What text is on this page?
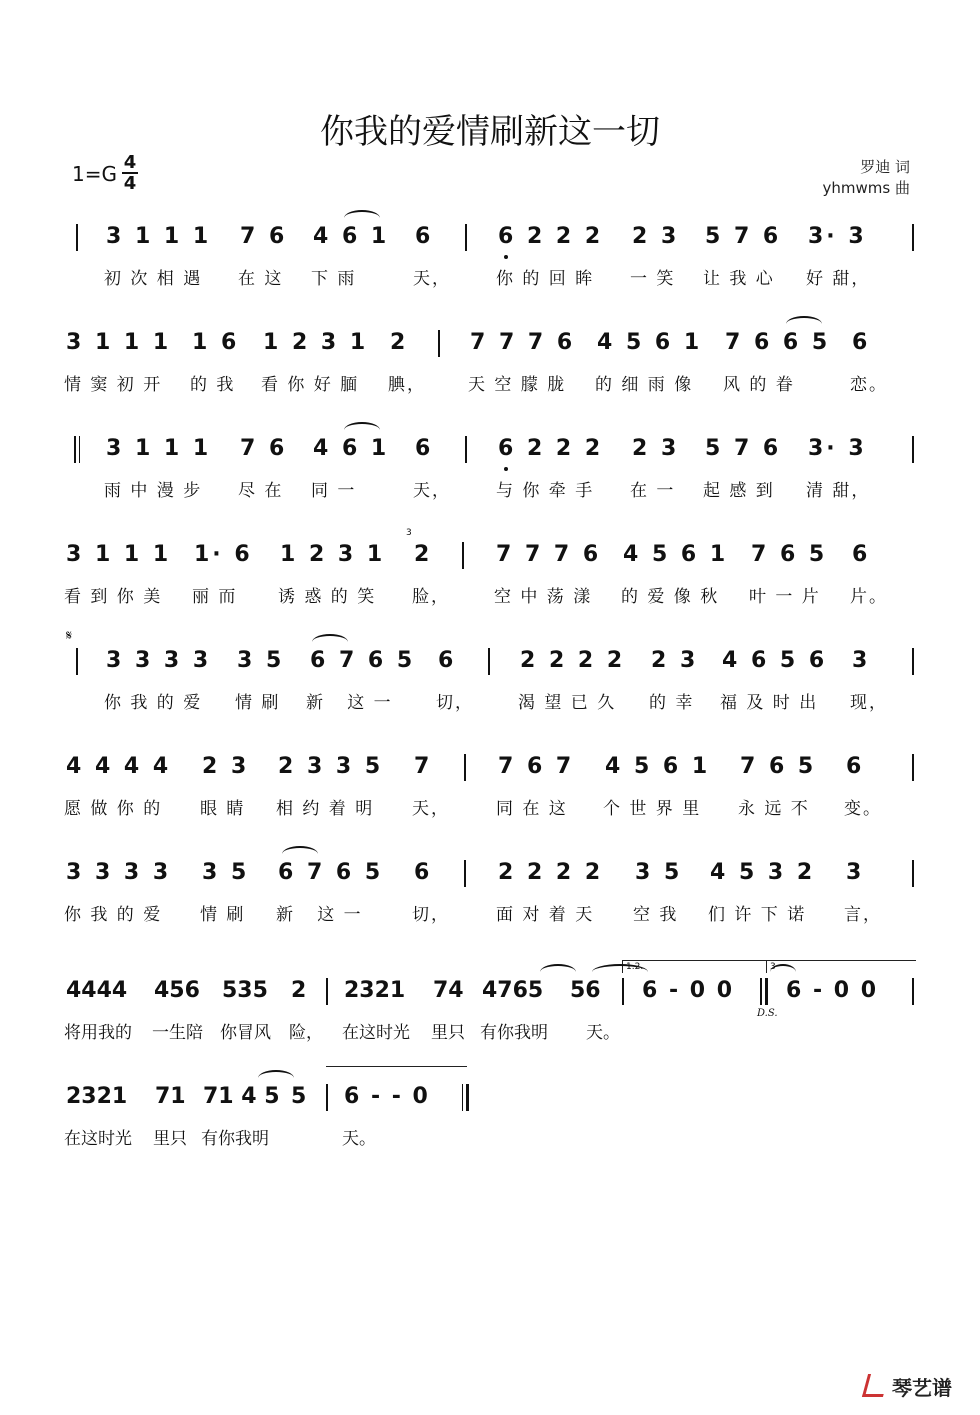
你我的爱情刷新这一切
1=G 4
4
罗迪 词
yhmwms 曲
3 1 1 1 7 6 4 6 1 6	6 2 2 2 2 3 5 7 6 3· 3
初 次 相 遇 在 这 下 雨	天，	你 的 回 眸 一 笑 让 我 心 好 甜，
3 1 1 1 1 6 1 2 3 1 2	7 7 7 6 4 5 6 1 7 6 6 5 6
情 窦 初 开 的 我 看 你 好 腼 腆， 天 空 朦 胧 的 细 雨 像 风 的 眷	恋。
3 1 1 1 7 6 4 6 1 6	6 2 2 2 2 3 5 7 6 3· 3
雨 中 漫 步 尽 在 同 一	天，	与 你 牵 手 在 一 起 感 到 清 甜，
3 1 1 1 1· 6 1 2 3 1
3
2	7 7 7 6 4 5 6 1 7 6 5 6
看 到 你 美 丽 而 诱 惑 的 笑 脸，	空 中 荡 漾 的 爱 像 秋 叶 一 片 片。
𝄋
3 3 3 3 3 5 6 7 6 5 6	2 2 2 2 2 3 4 6 5 6 3
你 我 的 爱 情 刷 新   这 一	切，	渴 望 已 久 的 幸 福 及 时 出 现，
4 4 4 4 2 3 2 3 3 5 7	7 6 7 4 5 6 1 7 6 5 6
愿 做 你 的 眼 睛 相 约 着 明 天，	同 在 这 个 世 界 里 永 远 不 变。
3 3 3 3 3 5 6 7 6 5 6	2 2 2 2 3 5 4 5 3 2 3
你 我 的 爱 情 刷 新   这 一	切，	面 对 着 天 空 我 们 许 下 诺 言，
1.2.	3
4444 456 535 2 2321 74 4765 56 6 - 0 0 6 - 0 0
将用我的 一生陪 你冒风 险， 在这时光 里只 有你我明 天。
D.S.
2321 71 71 4 5 5 6 - - 0
在这时光 里只 有你我明	天。
琴艺谱
